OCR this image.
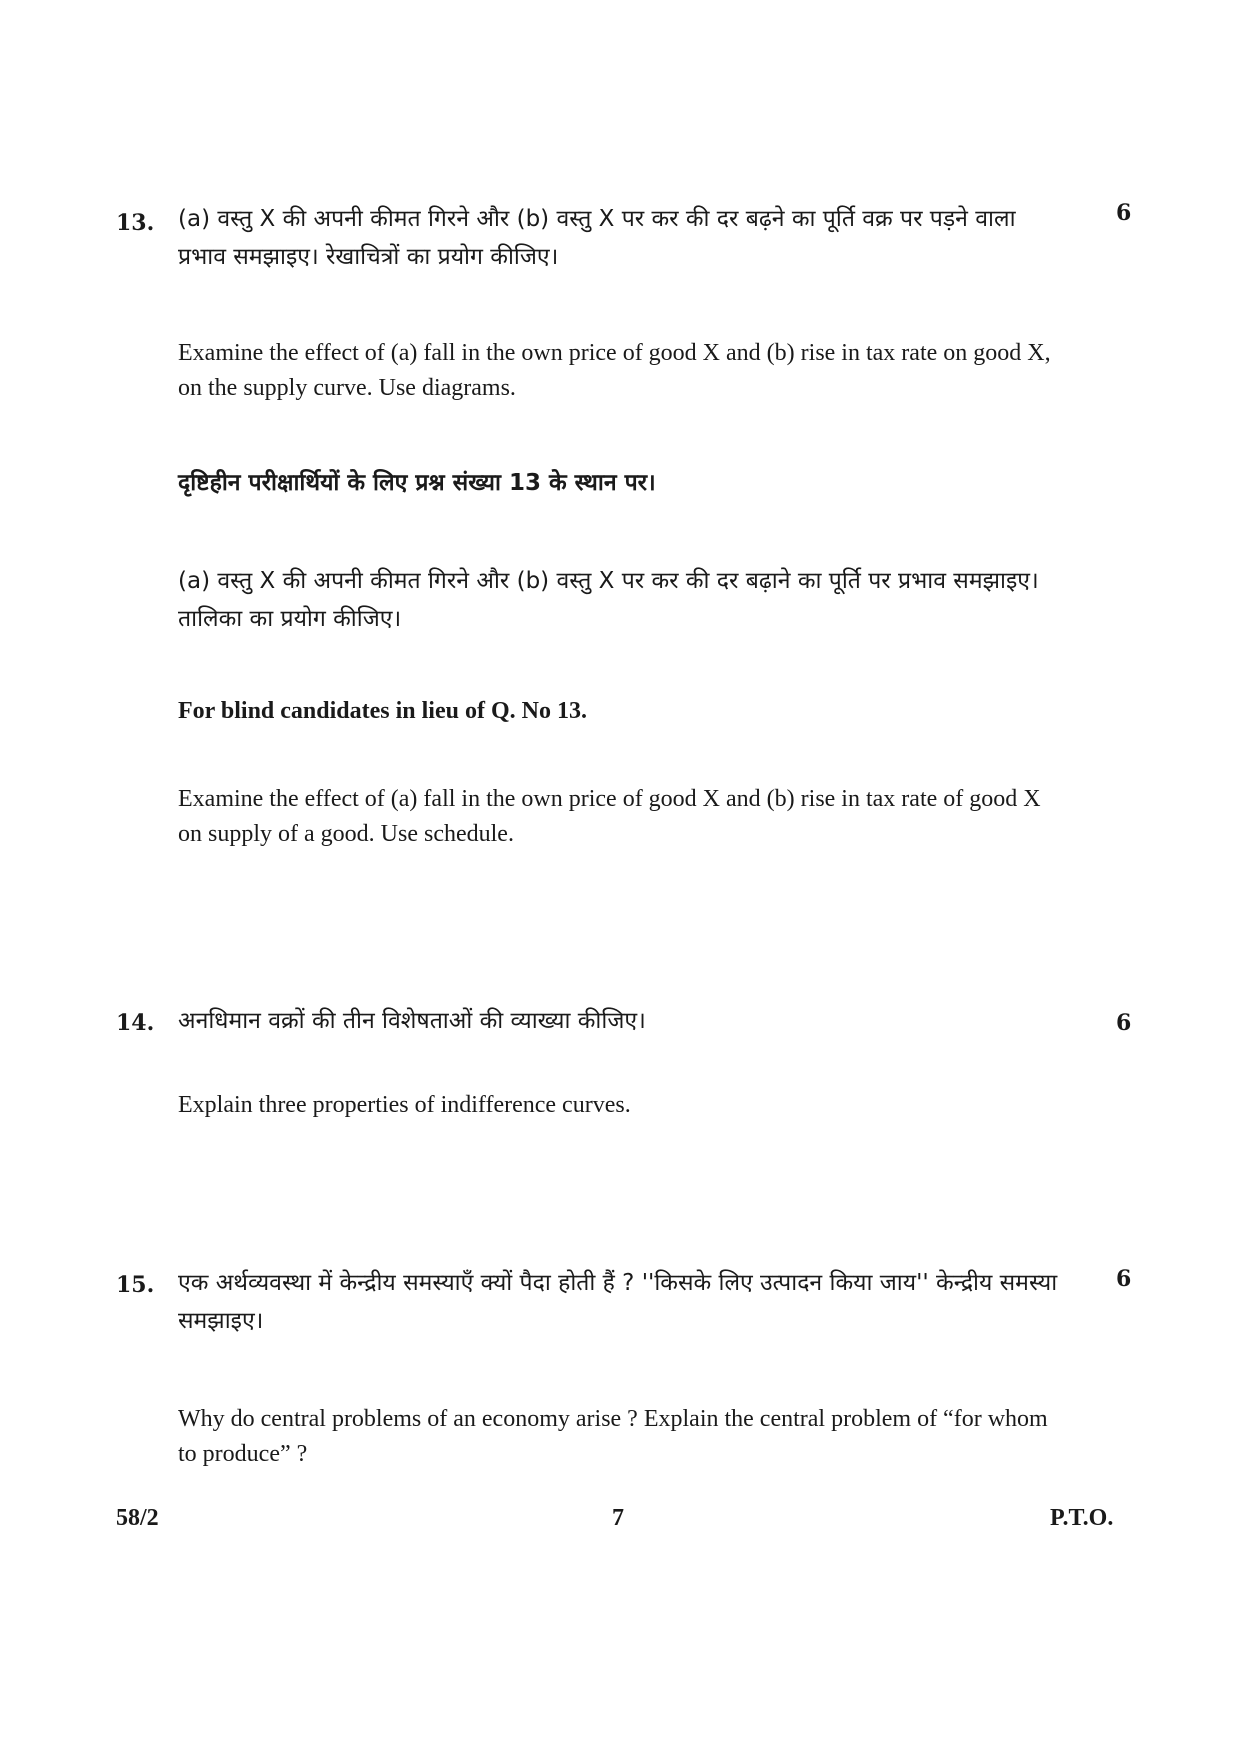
13.	6
(a) वस्तु X की अपनी कीमत गिरने और (b) वस्तु X पर कर की दर बढ़ने का पूर्ति वक्र पर पड़ने वाला प्रभाव समझाइए। रेखाचित्रों का प्रयोग कीजिए।
Examine the effect of (a) fall in the own price of good X and (b) rise in tax rate on good X, on the supply curve. Use diagrams.
दृष्टिहीन परीक्षार्थियों के लिए प्रश्न संख्या 13 के स्थान पर।
(a) वस्तु X की अपनी कीमत गिरने और (b) वस्तु X पर कर की दर बढ़ाने का पूर्ति पर प्रभाव समझाइए। तालिका का प्रयोग कीजिए।
For blind candidates in lieu of Q. No 13.
Examine the effect of (a) fall in the own price of good X and (b) rise in tax rate of good X on supply of a good. Use schedule.
14.	6
अनधिमान वक्रों की तीन विशेषताओं की व्याख्या कीजिए।
Explain three properties of indifference curves.
15.	6
एक अर्थव्यवस्था में केन्द्रीय समस्याएँ क्यों पैदा होती हैं ? ''किसके लिए उत्पादन किया जाय'' केन्द्रीय समस्या समझाइए।
Why do central problems of an economy arise ? Explain the central problem of “for whom to produce” ?
58/2	7	P.T.O.
